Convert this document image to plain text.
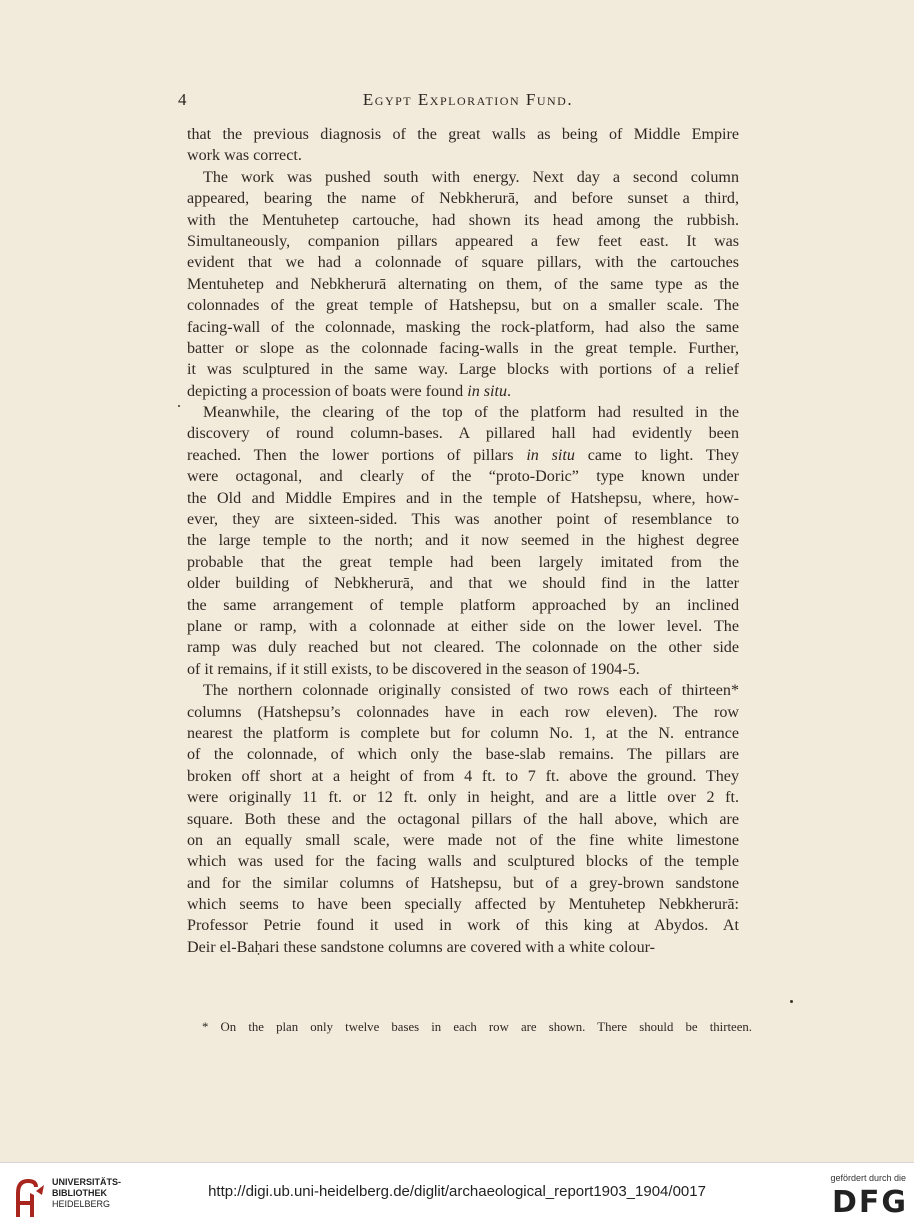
4	Egypt Exploration Fund.
that the previous diagnosis of the great walls as being of Middle Empire
work was correct.
The work was pushed south with energy. Next day a second column
appeared, bearing the name of Nebkherurā, and before sunset a third,
with the Mentuhetep cartouche, had shown its head among the rubbish.
Simultaneously, companion pillars appeared a few feet east. It was
evident that we had a colonnade of square pillars, with the cartouches
Mentuhetep and Nebkherurā alternating on them, of the same type as the
colonnades of the great temple of Hatshepsu, but on a smaller scale. The
facing-wall of the colonnade, masking the rock-platform, had also the same
batter or slope as the colonnade facing-walls in the great temple. Further,
it was sculptured in the same way. Large blocks with portions of a relief
depicting a procession of boats were found in situ.
Meanwhile, the clearing of the top of the platform had resulted in the
discovery of round column-bases. A pillared hall had evidently been
reached. Then the lower portions of pillars in situ came to light. They
were octagonal, and clearly of the “proto-Doric” type known under
the Old and Middle Empires and in the temple of Hatshepsu, where, how-
ever, they are sixteen-sided. This was another point of resemblance to
the large temple to the north; and it now seemed in the highest degree
probable that the great temple had been largely imitated from the
older building of Nebkherurā, and that we should find in the latter
the same arrangement of temple platform approached by an inclined
plane or ramp, with a colonnade at either side on the lower level. The
ramp was duly reached but not cleared. The colonnade on the other side
of it remains, if it still exists, to be discovered in the season of 1904-5.
The northern colonnade originally consisted of two rows each of thirteen*
columns (Hatshepsu’s colonnades have in each row eleven). The row
nearest the platform is complete but for column No. 1, at the N. entrance
of the colonnade, of which only the base-slab remains. The pillars are
broken off short at a height of from 4 ft. to 7 ft. above the ground. They
were originally 11 ft. or 12 ft. only in height, and are a little over 2 ft.
square. Both these and the octagonal pillars of the hall above, which are
on an equally small scale, were made not of the fine white limestone
which was used for the facing walls and sculptured blocks of the temple
and for the similar columns of Hatshepsu, but of a grey-brown sandstone
which seems to have been specially affected by Mentuhetep Nebkherurā:
Professor Petrie found it used in work of this king at Abydos. At
Deir el-Baḥari these sandstone columns are covered with a white colour-
* On the plan only twelve bases in each row are shown. There should be thirteen.
UNIVERSITÄTS-
BIBLIOTHEK
HEIDELBERG
http://digi.ub.uni-heidelberg.de/diglit/archaeological_report1903_1904/0017
gefördert durch die
DFG
